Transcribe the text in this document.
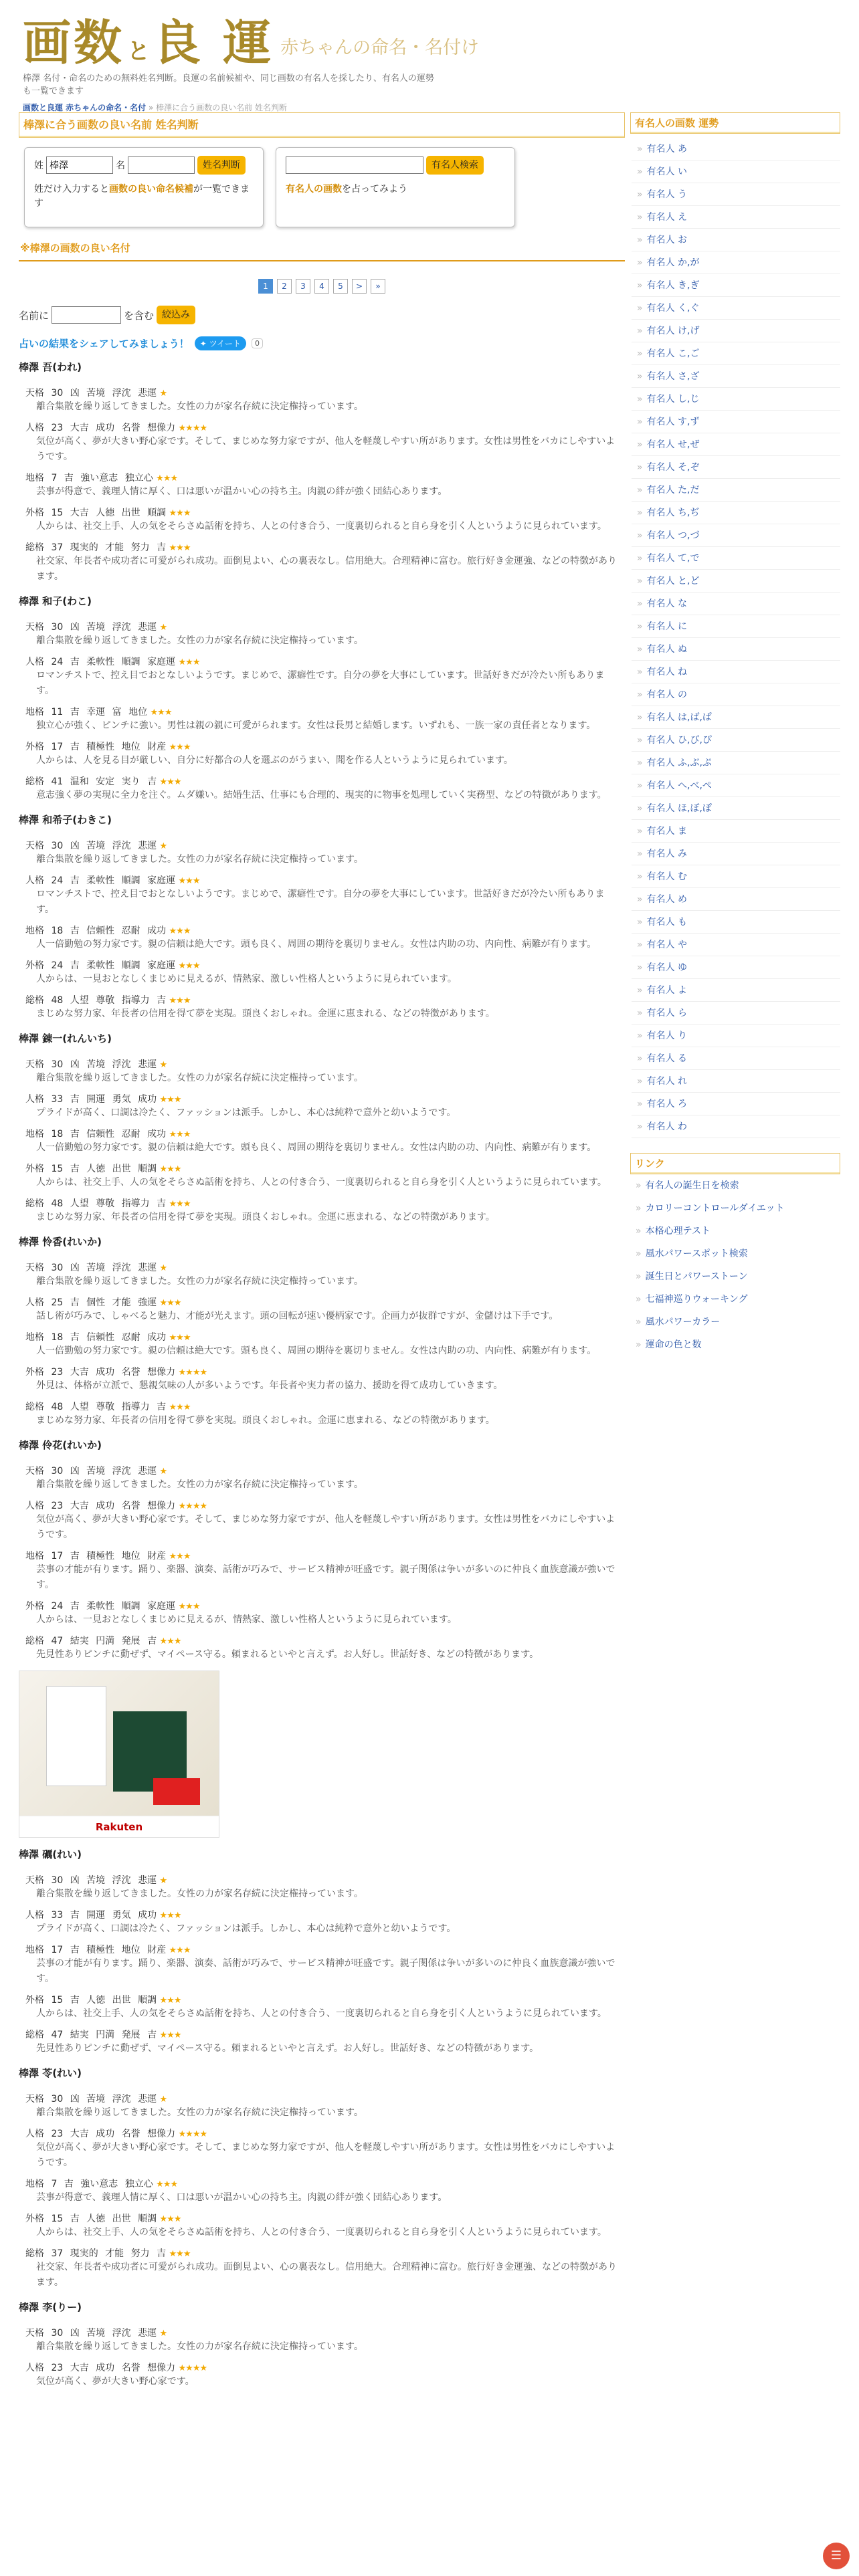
画数 と 良 運 赤ちゃんの命名・名付け
棒澤 名付・命名のための無料姓名判断。良運の名前候補や、同じ画数の有名人を採したり、有名人の運勢も一覧できます
画数と良運 赤ちゃんの命名・名付 » 棒澤に合う画数の良い名前 姓名判断
棒澤に合う画数の良い名前 姓名判断
姓
棒澤	名	姓名判断
姓だけ入力すると画数の良い命名候補が一覧できます
有名人検索
有名人の画数を占ってみよう
※棒澤の画数の良い名付
1	2	3	4	5	>	»
名前に	を含む 絞込み
占いの結果をシェアしてみましょう！	✦ ツイート	0
棒澤 吾(われ)
天格 30 凶 苦境 浮沈 悲運 ★
離合集散を繰り返してきました。女性の力が家名存続に決定権持っています。
人格 23 大吉 成功 名誉 想像力 ★★★★
気位が高く、夢が大きい野心家です。そして、まじめな努力家ですが、他人を軽蔑しやすい所があります。女性は男性をバカにしやすいようです。
地格 7 吉 強い意志 独立心 ★★★
芸事が得意で、義理人情に厚く、口は悪いが温かい心の持ち主。肉親の絆が強く団結心あります。
外格 15 大吉 人徳 出世 順調 ★★★
人からは、社交上手、人の気をそらさぬ話術を持ち、人との付き合う、一度裏切られると自ら身を引く人というように見られています。
総格 37 現実的 才能 努力 吉 ★★★
社交家、年長者や成功者に可愛がられ成功。面倒見よい、心の裏表なし。信用絶大。合理精神に富む。旅行好き金運強、などの特徴があります。
棒澤 和子(わこ)
天格 30 凶 苦境 浮沈 悲運 ★
離合集散を繰り返してきました。女性の力が家名存続に決定権持っています。
人格 24 吉 柔軟性 順調 家庭運 ★★★
ロマンチストで、控え目でおとなしいようです。まじめで、潔癖性です。自分の夢を大事にしています。世話好きだが冷たい所もあります。
地格 11 吉 幸運 富 地位 ★★★
独立心が強く、ピンチに強い。男性は親の親に可愛がられます。女性は長男と結婚します。いずれも、一族一家の責任者となります。
外格 17 吉 積極性 地位 財産 ★★★
人からは、人を見る目が厳しい、自分に好都合の人を選ぶのがうまい、聞を作る人というように見られています。
総格 41 温和 安定 実り 吉 ★★★
意志強く夢の実現に全力を注ぐ。ムダ嫌い。結婚生活、仕事にも合理的、現実的に物事を処理していく実務型、などの特徴があります。
棒澤 和希子(わきこ)
天格 30 凶 苦境 浮沈 悲運 ★
離合集散を繰り返してきました。女性の力が家名存続に決定権持っています。
人格 24 吉 柔軟性 順調 家庭運 ★★★
ロマンチストで、控え目でおとなしいようです。まじめで、潔癖性です。自分の夢を大事にしています。世話好きだが冷たい所もあります。
地格 18 吉 信頼性 忍耐 成功 ★★★
人一倍勤勉の努力家です。親の信頼は絶大です。頭も良く、周囲の期待を裏切りません。女性は内助の功、内向性、病難が有ります。
外格 24 吉 柔軟性 順調 家庭運 ★★★
人からは、一見おとなしくまじめに見えるが、情熱家、激しい性格人というように見られています。
総格 48 人望 尊敬 指導力 吉 ★★★
まじめな努力家、年長者の信用を得て夢を実現。頭良くおしゃれ。金運に恵まれる、などの特徴があります。
棒澤 錬一(れんいち)
天格 30 凶 苦境 浮沈 悲運 ★
離合集散を繰り返してきました。女性の力が家名存続に決定権持っています。
人格 33 吉 開運 勇気 成功 ★★★
プライドが高く、口調は冷たく、ファッションは派手。しかし、本心は純粋で意外と幼いようです。
地格 18 吉 信頼性 忍耐 成功 ★★★
人一倍勤勉の努力家です。親の信頼は絶大です。頭も良く、周囲の期待を裏切りません。女性は内助の功、内向性、病難が有ります。
外格 15 吉 人徳 出世 順調 ★★★
人からは、社交上手、人の気をそらさぬ話術を持ち、人との付き合う、一度裏切られると自ら身を引く人というように見られています。
総格 48 人望 尊敬 指導力 吉 ★★★
まじめな努力家、年長者の信用を得て夢を実現。頭良くおしゃれ。金運に恵まれる、などの特徴があります。
棒澤 怜香(れいか)
天格 30 凶 苦境 浮沈 悲運 ★
離合集散を繰り返してきました。女性の力が家名存続に決定権持っています。
人格 25 吉 個性 才能 強運 ★★★
話し術が巧みで、しゃべると魅力、才能が光えます。頭の回転が速い優柄家です。企画力が抜群ですが、金儲けは下手です。
地格 18 吉 信頼性 忍耐 成功 ★★★
人一倍勤勉の努力家です。親の信頼は絶大です。頭も良く、周囲の期待を裏切りません。女性は内助の功、内向性、病難が有ります。
外格 23 大吉 成功 名誉 想像力 ★★★★
外見は、体格が立派で、懇親気味の人が多いようです。年長者や実力者の協力、援助を得て成功していきます。
総格 48 人望 尊敬 指導力 吉 ★★★
まじめな努力家、年長者の信用を得て夢を実現。頭良くおしゃれ。金運に恵まれる、などの特徴があります。
棒澤 伶花(れいか)
天格 30 凶 苦境 浮沈 悲運 ★
離合集散を繰り返してきました。女性の力が家名存続に決定権持っています。
人格 23 大吉 成功 名誉 想像力 ★★★★
気位が高く、夢が大きい野心家です。そして、まじめな努力家ですが、他人を軽蔑しやすい所があります。女性は男性をバカにしやすいようです。
地格 17 吉 積極性 地位 財産 ★★★
芸事の才能が有ります。踊り、楽器、演奏、話術が巧みで、サービス精神が旺盛です。親子関係は争いが多いのに仲良く血族意識が強いです。
外格 24 吉 柔軟性 順調 家庭運 ★★★
人からは、一見おとなしくまじめに見えるが、情熱家、激しい性格人というように見られています。
総格 47 結実 円満 発展 吉 ★★★
先見性ありピンチに動ぜず、マイペース守る。頼まれるといやと言えず。お人好し。世話好き、などの特徴があります。
Rakuten
棒澤 礪(れい)
天格 30 凶 苦境 浮沈 悲運 ★
離合集散を繰り返してきました。女性の力が家名存続に決定権持っています。
人格 33 吉 開運 勇気 成功 ★★★
プライドが高く、口調は冷たく、ファッションは派手。しかし、本心は純粋で意外と幼いようです。
地格 17 吉 積極性 地位 財産 ★★★
芸事の才能が有ります。踊り、楽器、演奏、話術が巧みで、サービス精神が旺盛です。親子関係は争いが多いのに仲良く血族意識が強いです。
外格 15 吉 人徳 出世 順調 ★★★
人からは、社交上手、人の気をそらさぬ話術を持ち、人との付き合う、一度裏切られると自ら身を引く人というように見られています。
総格 47 結実 円満 発展 吉 ★★★
先見性ありピンチに動ぜず、マイペース守る。頼まれるといやと言えず。お人好し。世話好き、などの特徴があります。
棒澤 苓(れい)
天格 30 凶 苦境 浮沈 悲運 ★
離合集散を繰り返してきました。女性の力が家名存続に決定権持っています。
人格 23 大吉 成功 名誉 想像力 ★★★★
気位が高く、夢が大きい野心家です。そして、まじめな努力家ですが、他人を軽蔑しやすい所があります。女性は男性をバカにしやすいようです。
地格 7 吉 強い意志 独立心 ★★★
芸事が得意で、義理人情に厚く、口は悪いが温かい心の持ち主。肉親の絆が強く団結心あります。
外格 15 吉 人徳 出世 順調 ★★★
人からは、社交上手、人の気をそらさぬ話術を持ち、人との付き合う、一度裏切られると自ら身を引く人というように見られています。
総格 37 現実的 才能 努力 吉 ★★★
社交家、年長者や成功者に可愛がられ成功。面倒見よい、心の裏表なし。信用絶大。合理精神に富む。旅行好き金運強、などの特徴があります。
棒澤 李(りー)
天格 30 凶 苦境 浮沈 悲運 ★
離合集散を繰り返してきました。女性の力が家名存続に決定権持っています。
人格 23 大吉 成功 名誉 想像力 ★★★★
気位が高く、夢が大きい野心家です。
有名人の画数 運勢
» 有名人 あ
» 有名人 い
» 有名人 う
» 有名人 え
» 有名人 お
» 有名人 か,が
» 有名人 き,ぎ
» 有名人 く,ぐ
» 有名人 け,げ
» 有名人 こ,ご
» 有名人 さ,ざ
» 有名人 し,じ
» 有名人 す,ず
» 有名人 せ,ぜ
» 有名人 そ,ぞ
» 有名人 た,だ
» 有名人 ち,ぢ
» 有名人 つ,づ
» 有名人 て,で
» 有名人 と,ど
» 有名人 な
» 有名人 に
» 有名人 ぬ
» 有名人 ね
» 有名人 の
» 有名人 は,ば,ぱ
» 有名人 ひ,び,ぴ
» 有名人 ふ,ぶ,ぷ
» 有名人 へ,べ,ぺ
» 有名人 ほ,ぼ,ぽ
» 有名人 ま
» 有名人 み
» 有名人 む
» 有名人 め
» 有名人 も
» 有名人 や
» 有名人 ゆ
» 有名人 よ
» 有名人 ら
» 有名人 り
» 有名人 る
» 有名人 れ
» 有名人 ろ
» 有名人 わ
リンク
» 有名人の誕生日を検索
» カロリーコントロールダイエット
» 本格心理テスト
» 風水パワースポット検索
» 誕生日とパワーストーン
» 七福神巡りウォーキング
» 風水パワーカラー
» 運命の色と数
☰
